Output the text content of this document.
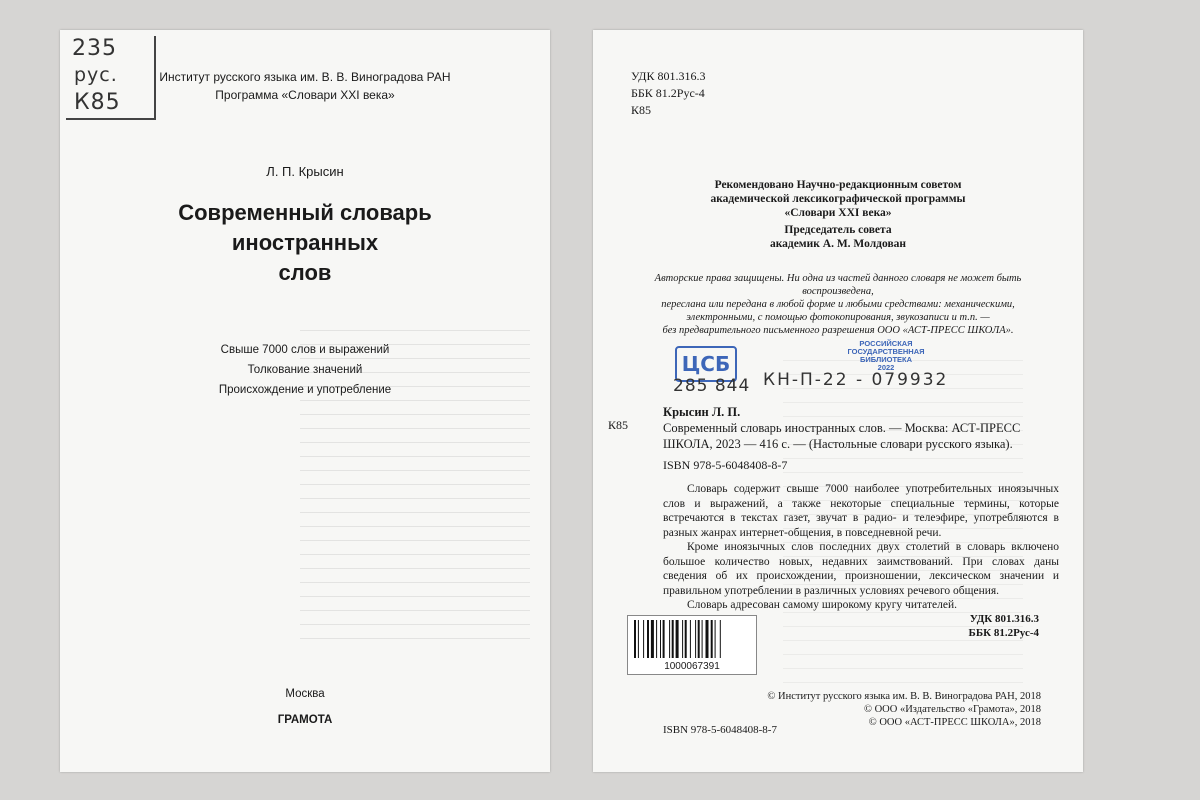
235
рус.
К85
Институт русского языка им. В. В. Виноградова РАН
Программа «Словари XXI века»
Л. П. Крысин
Современный словарь
иностранных
слов
Свыше 7000 слов и выражений
Толкование значений
Происхождение и употребление
Москва
ГРАМОТА
УДК 801.316.3
ББК 81.2Рус-4
К85
Рекомендовано Научно-редакционным советом
академической лексикографической программы
«Словари XXI века»
Председатель совета
академик А. М. Молдован
Авторские права защищены. Ни одна из частей данного словаря не может быть воспроизведена,
переслана или передана в любой форме и любыми средствами: механическими,
электронными, с помощью фотокопирования, звукозаписи и т.п. —
без предварительного письменного разрешения ООО «АСТ-ПРЕСС ШКОЛА».
ЦСБ
285 844 КН-П-22 - 079932
РОССИЙСКАЯ
ГОСУДАРСТВЕННАЯ
БИБЛИОТЕКА
2022
К85
Крысин Л. П.
Современный словарь иностранных слов. — Москва: АСТ-ПРЕСС ШКОЛА, 2023 — 416 с. — (Настольные словари русского языка).
ISBN 978-5-6048408-8-7

Словарь содержит свыше 7000 наиболее употребительных иноязычных слов и выражений, а также некоторые специальные термины, которые встречаются в текстах газет, звучат в радио- и телеэфире, употребляются в разных жанрах интернет-общения, в повседневной речи.

Кроме иноязычных слов последних двух столетий в словарь включено большое количество новых, недавних заимствований. При словах даны сведения об их происхождении, произношении, лексическом значении и правильном употреблении в различных условиях речевого общения.

Словарь адресован самому широкому кругу читателей.

УДК 801.316.3
ББК 81.2Рус-4
1000067391
© Институт русского языка им. В. В. Виноградова РАН, 2018
© ООО «Издательство «Грамота», 2018
© ООО «АСТ-ПРЕСС ШКОЛА», 2018
ISBN 978-5-6048408-8-7
